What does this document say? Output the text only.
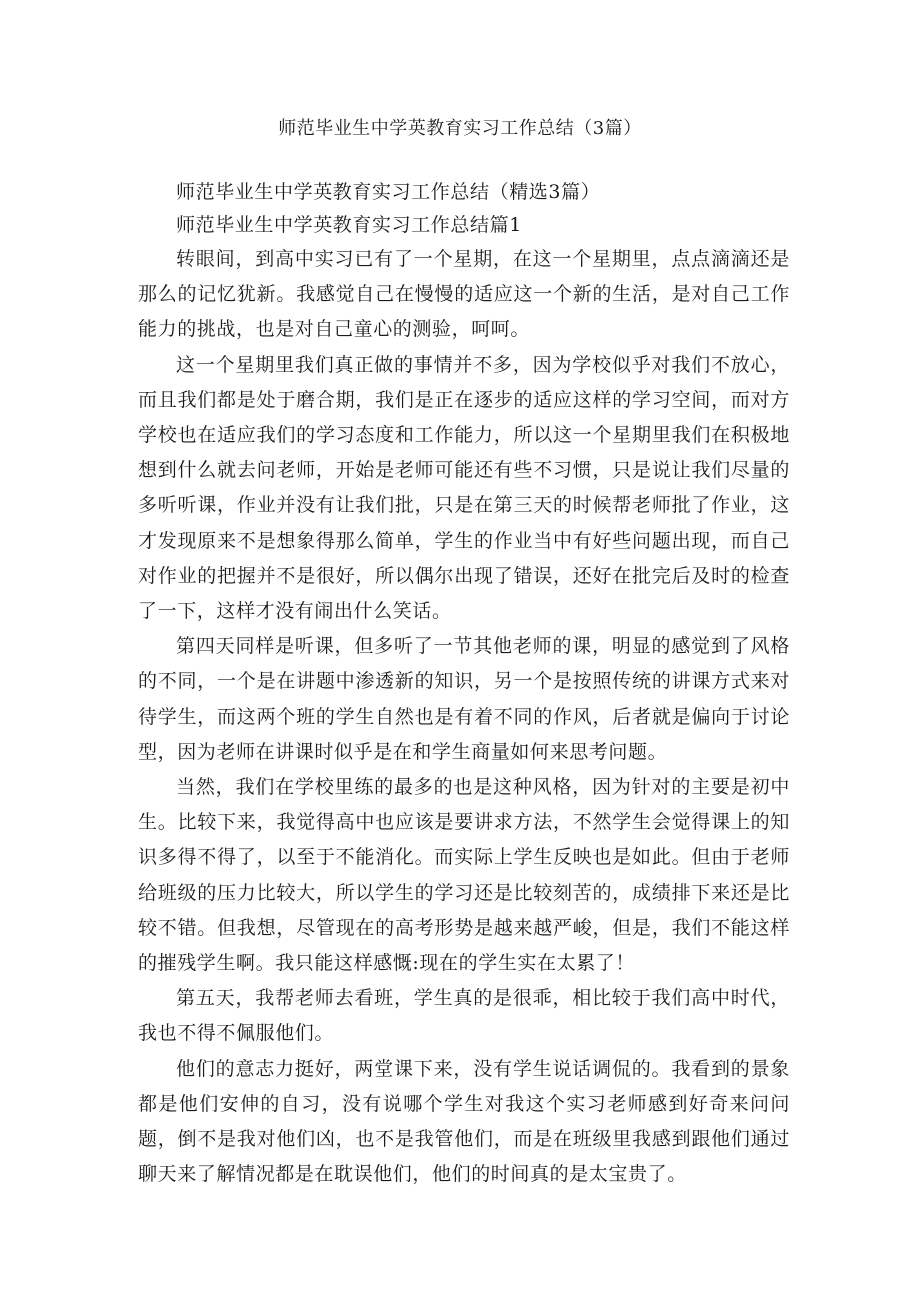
师范毕业生中学英教育实习工作总结（3篇）

师范毕业生中学英教育实习工作总结（精选3篇）

师范毕业生中学英教育实习工作总结篇1

转眼间，到高中实习已有了一个星期，在这一个星期里，点点滴滴还是那么的记忆犹新。我感觉自己在慢慢的适应这一个新的生活，是对自己工作能力的挑战，也是对自己童心的测验，呵呵。

这一个星期里我们真正做的事情并不多，因为学校似乎对我们不放心，而且我们都是处于磨合期，我们是正在逐步的适应这样的学习空间，而对方学校也在适应我们的学习态度和工作能力，所以这一个星期里我们在积极地想到什么就去问老师，开始是老师可能还有些不习惯，只是说让我们尽量的多听听课，作业并没有让我们批，只是在第三天的时候帮老师批了作业，这才发现原来不是想象得那么简单，学生的作业当中有好些问题出现，而自己对作业的把握并不是很好，所以偶尔出现了错误，还好在批完后及时的检查了一下，这样才没有闹出什么笑话。

第四天同样是听课，但多听了一节其他老师的课，明显的感觉到了风格的不同，一个是在讲题中渗透新的知识，另一个是按照传统的讲课方式来对待学生，而这两个班的学生自然也是有着不同的作风，后者就是偏向于讨论型，因为老师在讲课时似乎是在和学生商量如何来思考问题。

当然，我们在学校里练的最多的也是这种风格，因为针对的主要是初中生。比较下来，我觉得高中也应该是要讲求方法，不然学生会觉得课上的知识多得不得了，以至于不能消化。而实际上学生反映也是如此。但由于老师给班级的压力比较大，所以学生的学习还是比较刻苦的，成绩排下来还是比较不错。但我想，尽管现在的高考形势是越来越严峻，但是，我们不能这样的摧残学生啊。我只能这样感慨:现在的学生实在太累了！

第五天，我帮老师去看班，学生真的是很乖，相比较于我们高中时代，我也不得不佩服他们。

他们的意志力挺好，两堂课下来，没有学生说话调侃的。我看到的景象都是他们安伸的自习，没有说哪个学生对我这个实习老师感到好奇来问问题，倒不是我对他们凶，也不是我管他们，而是在班级里我感到跟他们通过聊天来了解情况都是在耽误他们，他们的时间真的是太宝贵了。
